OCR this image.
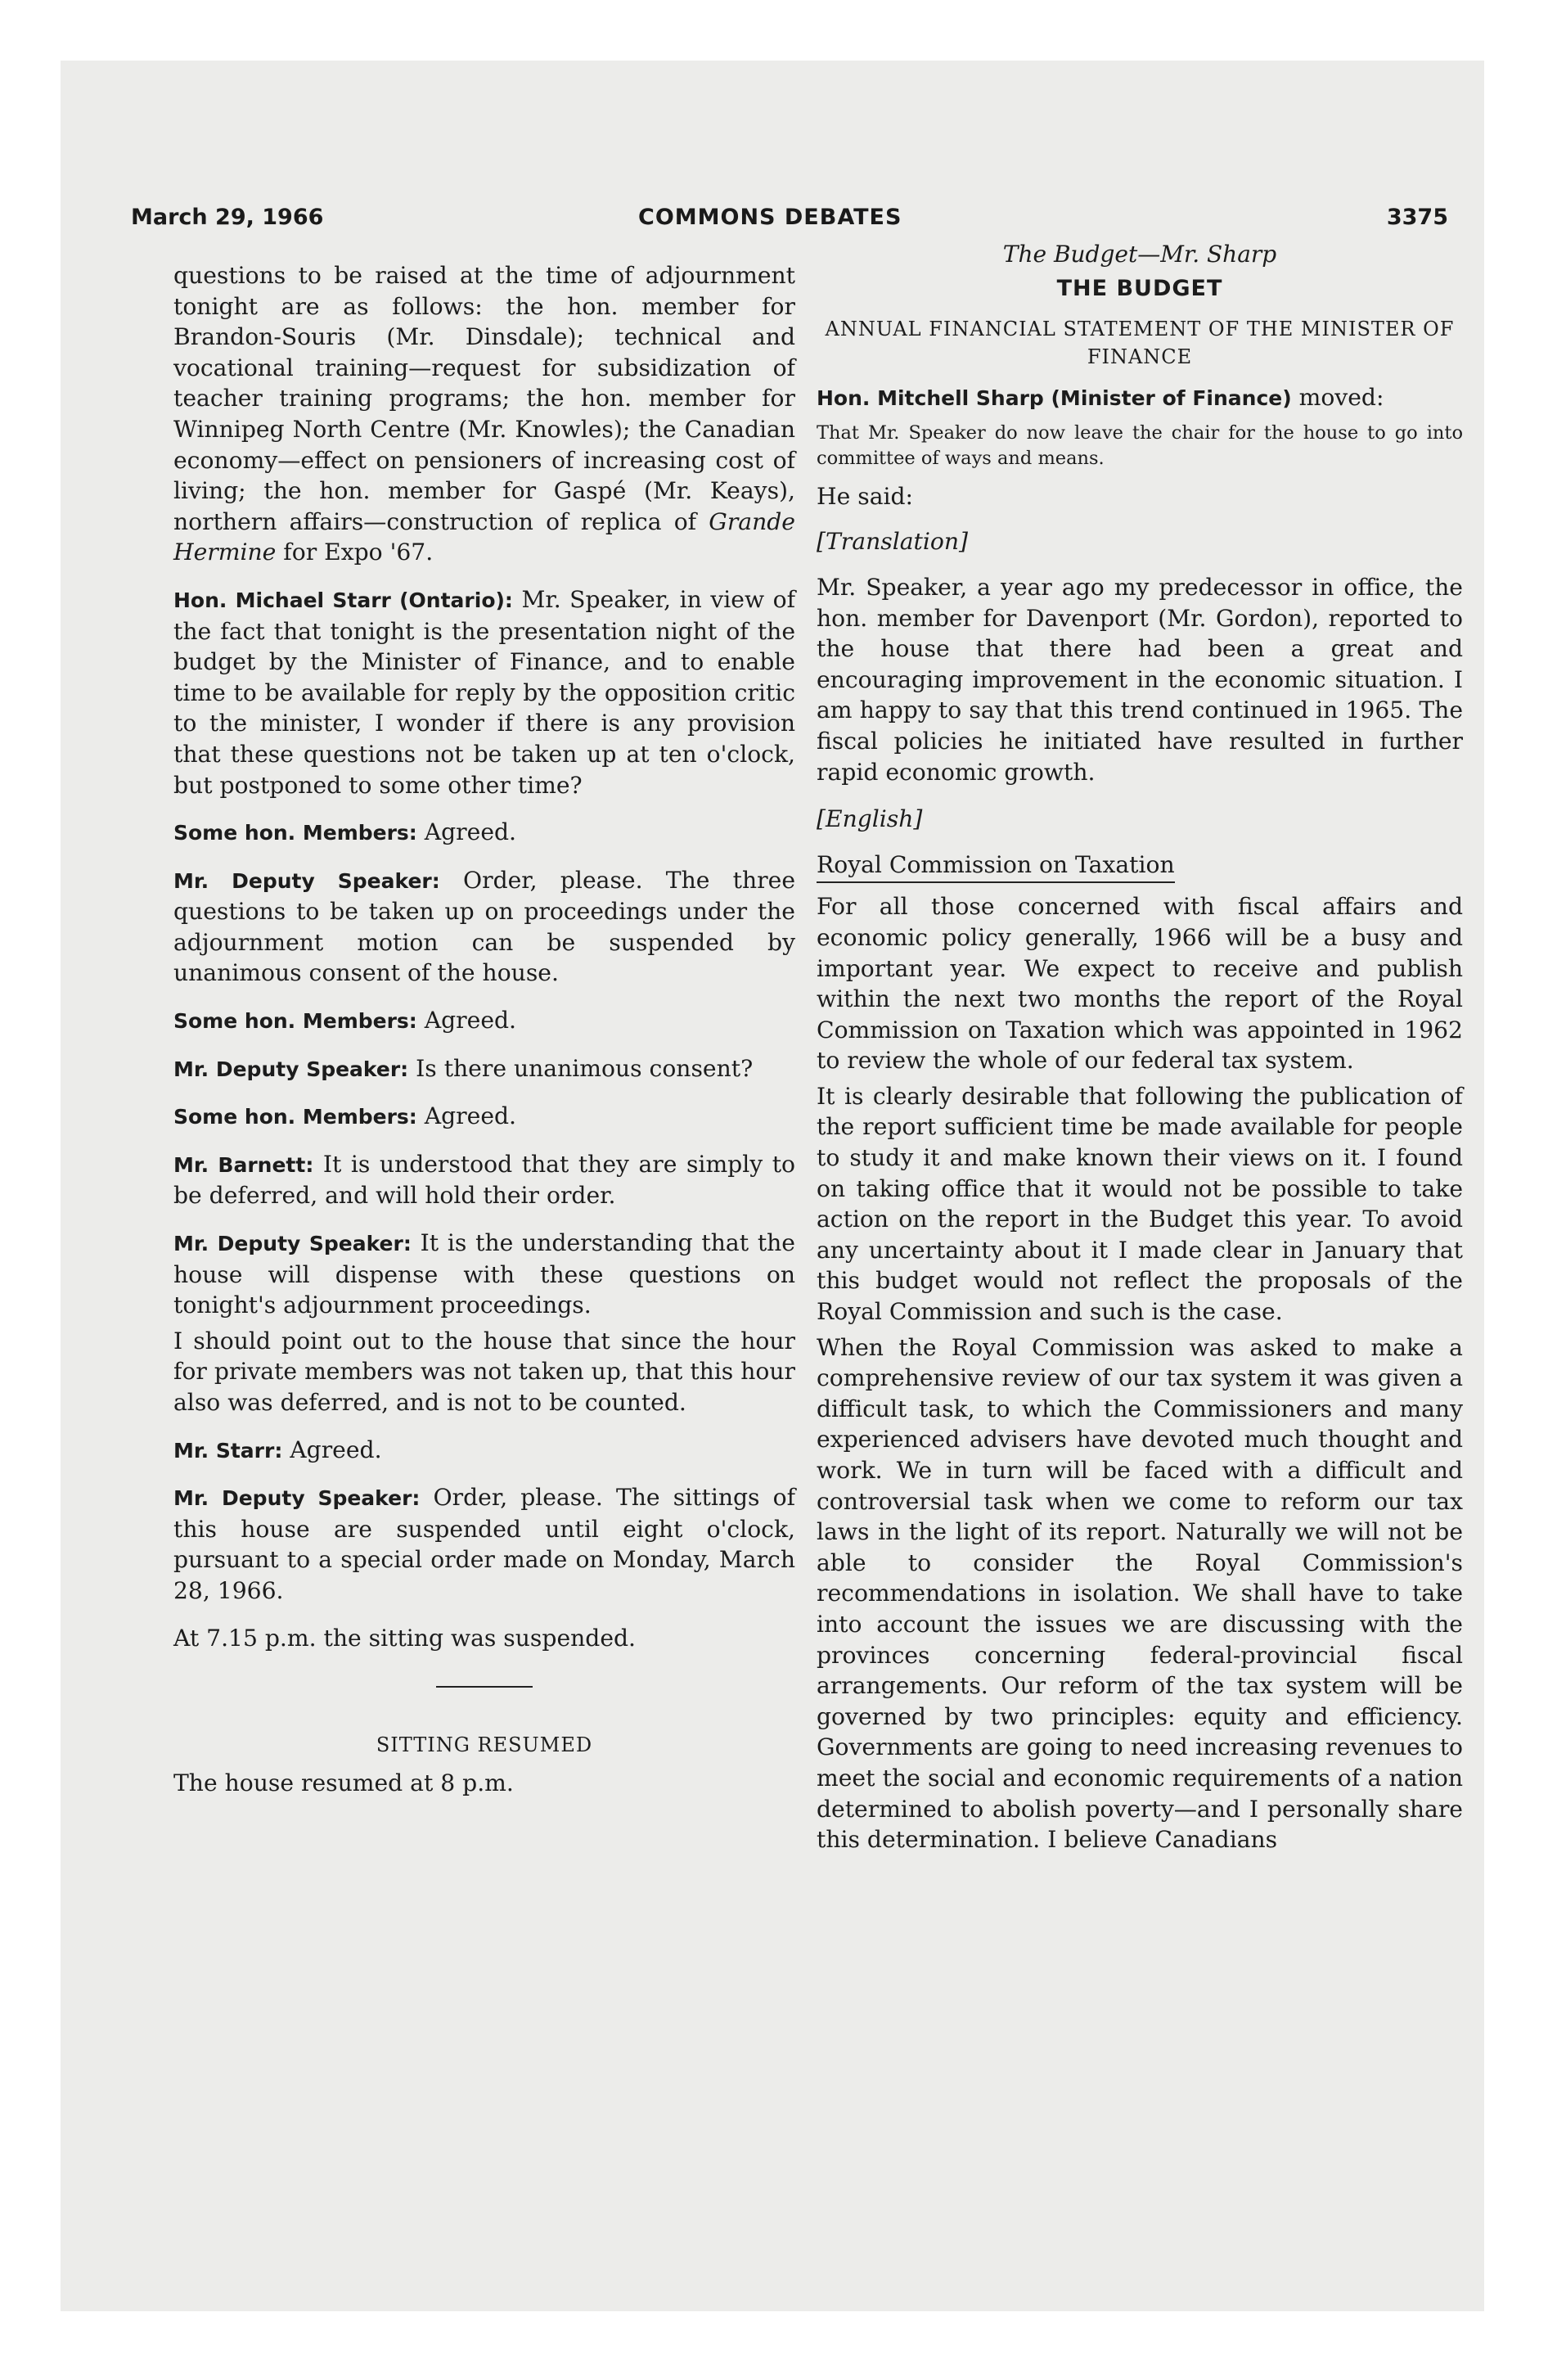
March 29, 1966	COMMONS DEBATES	3375

questions to be raised at the time of adjournment tonight are as follows: the hon. member for Brandon-Souris (Mr. Dinsdale); technical and vocational training—request for subsidization of teacher training programs; the hon. member for Winnipeg North Centre (Mr. Knowles); the Canadian economy—effect on pensioners of increasing cost of living; the hon. member for Gaspé (Mr. Keays), northern affairs—construction of replica of Grande Hermine for Expo '67.

Hon. Michael Starr (Ontario): Mr. Speaker, in view of the fact that tonight is the presentation night of the budget by the Minister of Finance, and to enable time to be available for reply by the opposition critic to the minister, I wonder if there is any provision that these questions not be taken up at ten o'clock, but postponed to some other time?

Some hon. Members: Agreed.

Mr. Deputy Speaker: Order, please. The three questions to be taken up on proceedings under the adjournment motion can be suspended by unanimous consent of the house.

Some hon. Members: Agreed.

Mr. Deputy Speaker: Is there unanimous consent?

Some hon. Members: Agreed.

Mr. Barnett: It is understood that they are simply to be deferred, and will hold their order.

Mr. Deputy Speaker: It is the understanding that the house will dispense with these questions on tonight's adjournment proceedings.

I should point out to the house that since the hour for private members was not taken up, that this hour also was deferred, and is not to be counted.

Mr. Starr: Agreed.

Mr. Deputy Speaker: Order, please. The sittings of this house are suspended until eight o'clock, pursuant to a special order made on Monday, March 28, 1966.

At 7.15 p.m. the sitting was suspended.

SITTING RESUMED

The house resumed at 8 p.m.

The Budget—Mr. Sharp

THE BUDGET

ANNUAL FINANCIAL STATEMENT OF THE MINISTER OF FINANCE

Hon. Mitchell Sharp (Minister of Finance) moved:

That Mr. Speaker do now leave the chair for the house to go into committee of ways and means.

He said:

[Translation]

Mr. Speaker, a year ago my predecessor in office, the hon. member for Davenport (Mr. Gordon), reported to the house that there had been a great and encouraging improvement in the economic situation. I am happy to say that this trend continued in 1965. The fiscal policies he initiated have resulted in further rapid economic growth.

[English]

Royal Commission on Taxation

For all those concerned with fiscal affairs and economic policy generally, 1966 will be a busy and important year. We expect to receive and publish within the next two months the report of the Royal Commission on Taxation which was appointed in 1962 to review the whole of our federal tax system.

It is clearly desirable that following the publication of the report sufficient time be made available for people to study it and make known their views on it. I found on taking office that it would not be possible to take action on the report in the Budget this year. To avoid any uncertainty about it I made clear in January that this budget would not reflect the proposals of the Royal Commission and such is the case.

When the Royal Commission was asked to make a comprehensive review of our tax system it was given a difficult task, to which the Commissioners and many experienced advisers have devoted much thought and work. We in turn will be faced with a difficult and controversial task when we come to reform our tax laws in the light of its report. Naturally we will not be able to consider the Royal Commission's recommendations in isolation. We shall have to take into account the issues we are discussing with the provinces concerning federal-provincial fiscal arrangements. Our reform of the tax system will be governed by two principles: equity and efficiency. Governments are going to need increasing revenues to meet the social and economic requirements of a nation determined to abolish poverty—and I personally share this determination. I believe Canadians
